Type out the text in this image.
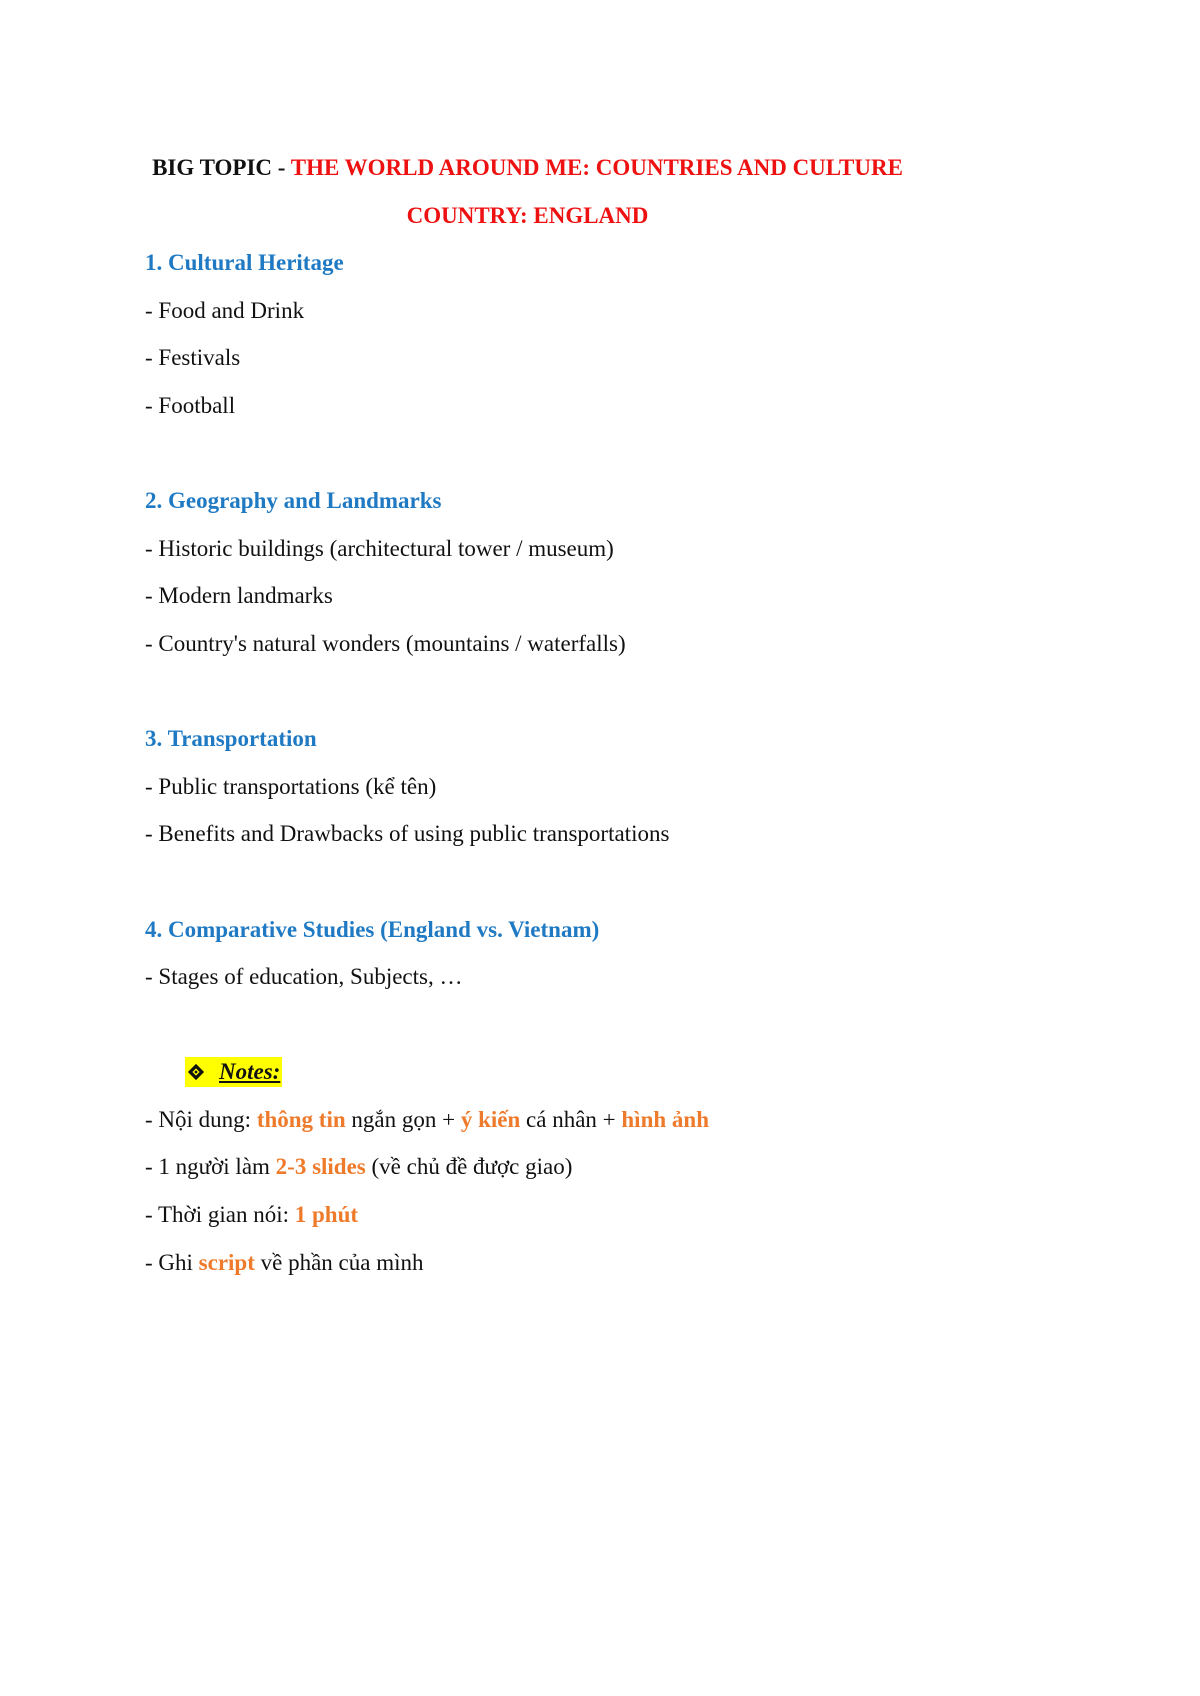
BIG TOPIC - THE WORLD AROUND ME: COUNTRIES AND CULTURE
COUNTRY: ENGLAND
1. Cultural Heritage
- Food and Drink
- Festivals
- Football
2. Geography and Landmarks
- Historic buildings (architectural tower / museum)
- Modern landmarks
- Country's natural wonders (mountains / waterfalls)
3. Transportation
- Public transportations (kể tên)
- Benefits and Drawbacks of using public transportations
4. Comparative Studies (England vs. Vietnam)
- Stages of education, Subjects, …
Notes:
- Nội dung: thông tin ngắn gọn + ý kiến cá nhân + hình ảnh
- 1 người làm 2-3 slides (về chủ đề được giao)
- Thời gian nói: 1 phút
- Ghi script về phần của mình
